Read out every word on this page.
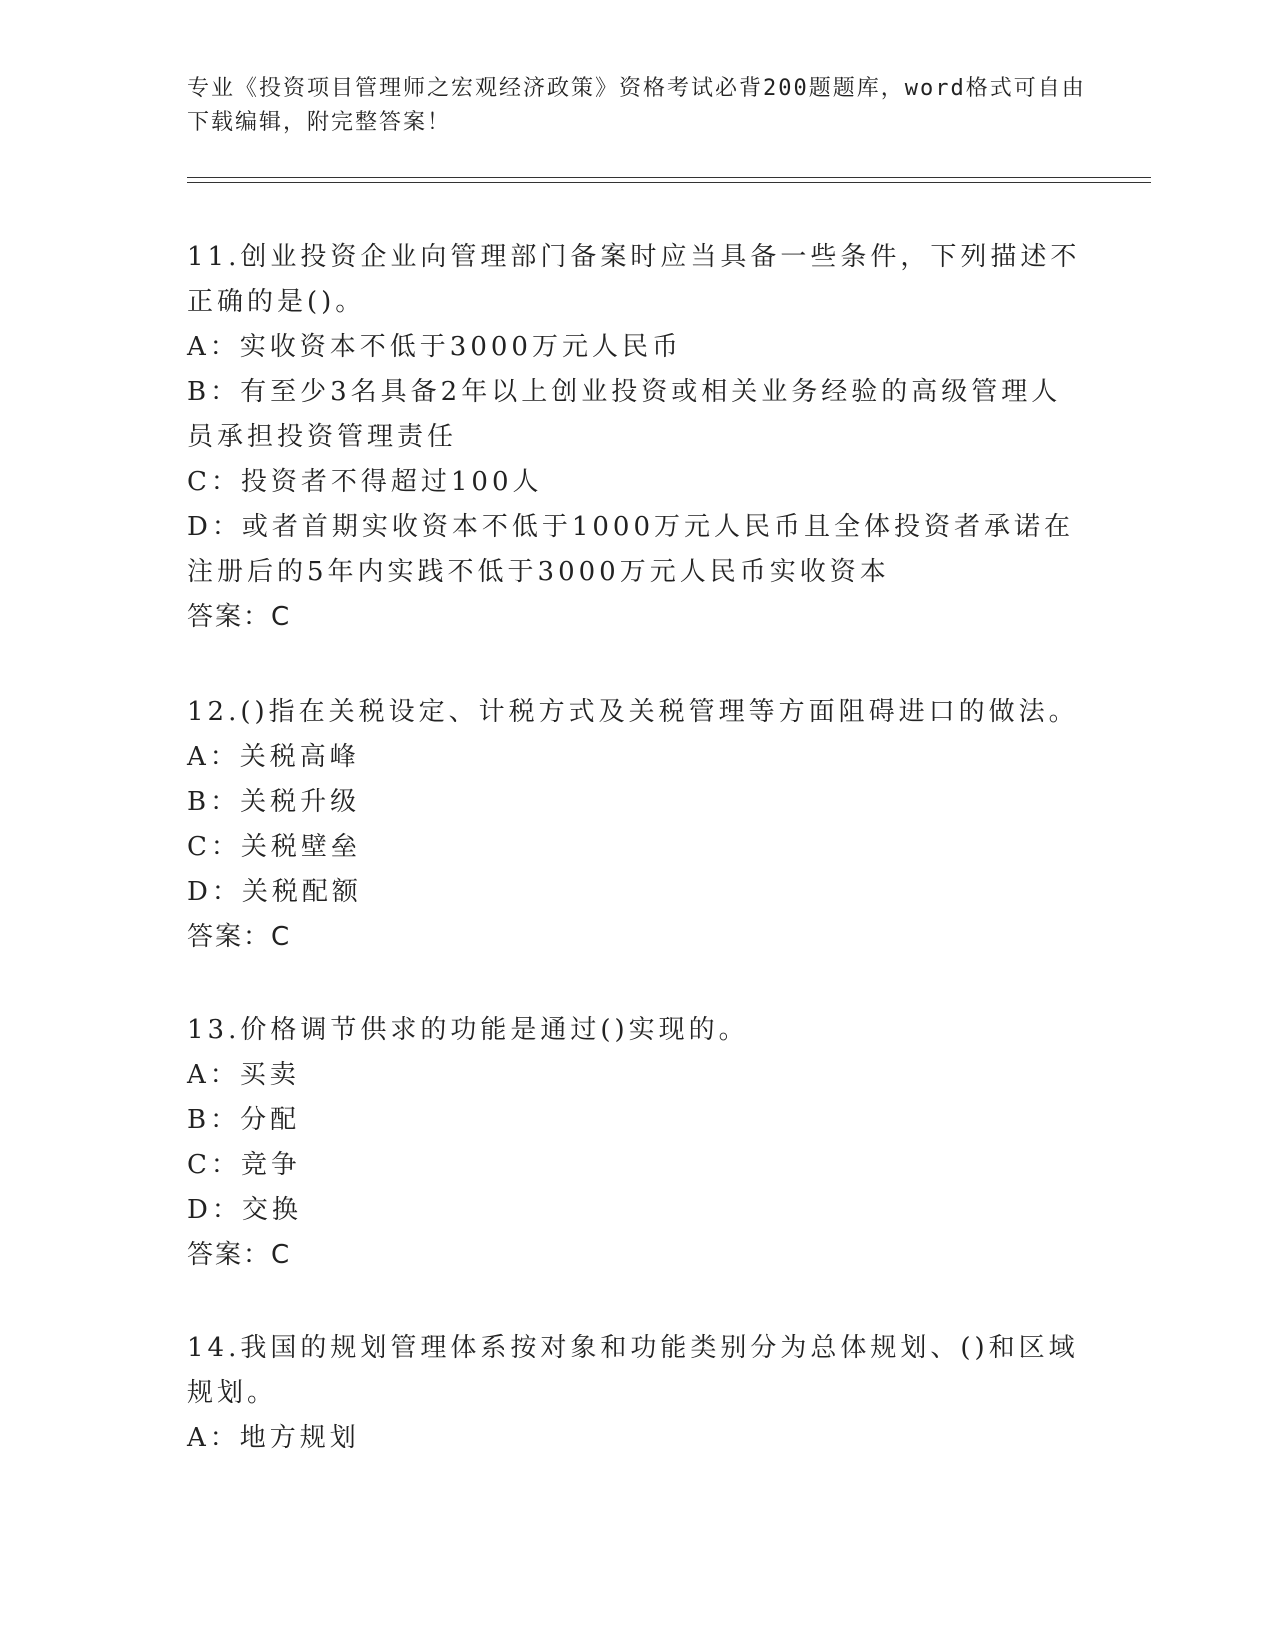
专业《投资项目管理师之宏观经济政策》资格考试必背200题题库，word格式可自由下载编辑，附完整答案！
11.创业投资企业向管理部门备案时应当具备一些条件，下列描述不正确的是()。
A：实收资本不低于3000万元人民币
B：有至少3名具备2年以上创业投资或相关业务经验的高级管理人员承担投资管理责任
C：投资者不得超过100人
D：或者首期实收资本不低于1000万元人民币且全体投资者承诺在注册后的5年内实践不低于3000万元人民币实收资本
答案：C
12.()指在关税设定、计税方式及关税管理等方面阻碍进口的做法。
A：关税高峰
B：关税升级
C：关税壁垒
D：关税配额
答案：C
13.价格调节供求的功能是通过()实现的。
A：买卖
B：分配
C：竞争
D：交换
答案：C
14.我国的规划管理体系按对象和功能类别分为总体规划、()和区域规划。
A：地方规划
